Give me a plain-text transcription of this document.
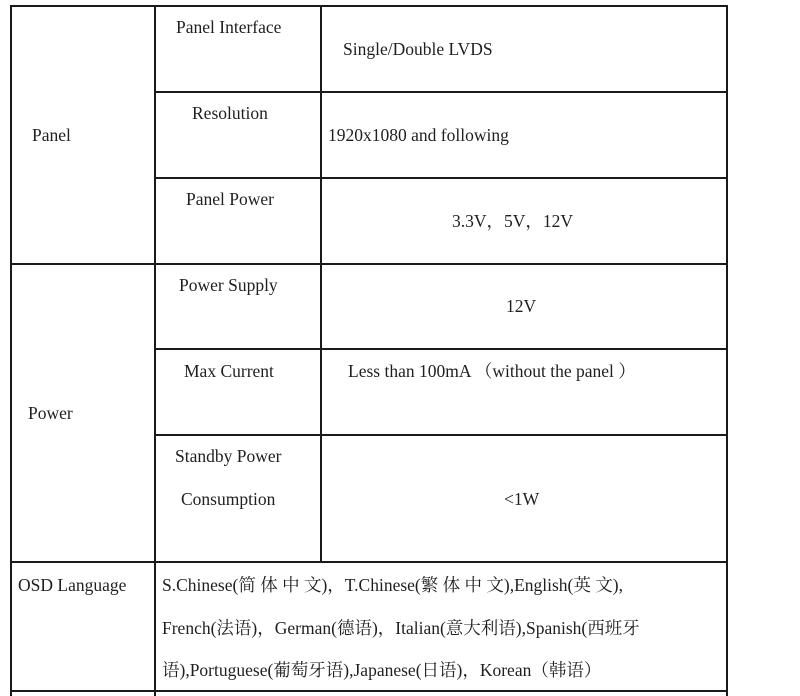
Panel
Panel Interface
Single/Double LVDS
Resolution
1920x1080 and following
Panel Power
3.3V，5V，12V
Power
Power Supply
12V
Max Current	Less than 100mA （without the panel ）
Standby Power
Consumption	<1W
OSD Language S.Chinese(简 体 中 文)，T.Chinese(繁 体 中 文),English(英 文),
French(法语)，German(德语)，Italian(意大利语),Spanish(西班牙
语),Portuguese(葡萄牙语),Japanese(日语)，Korean（韩语）
